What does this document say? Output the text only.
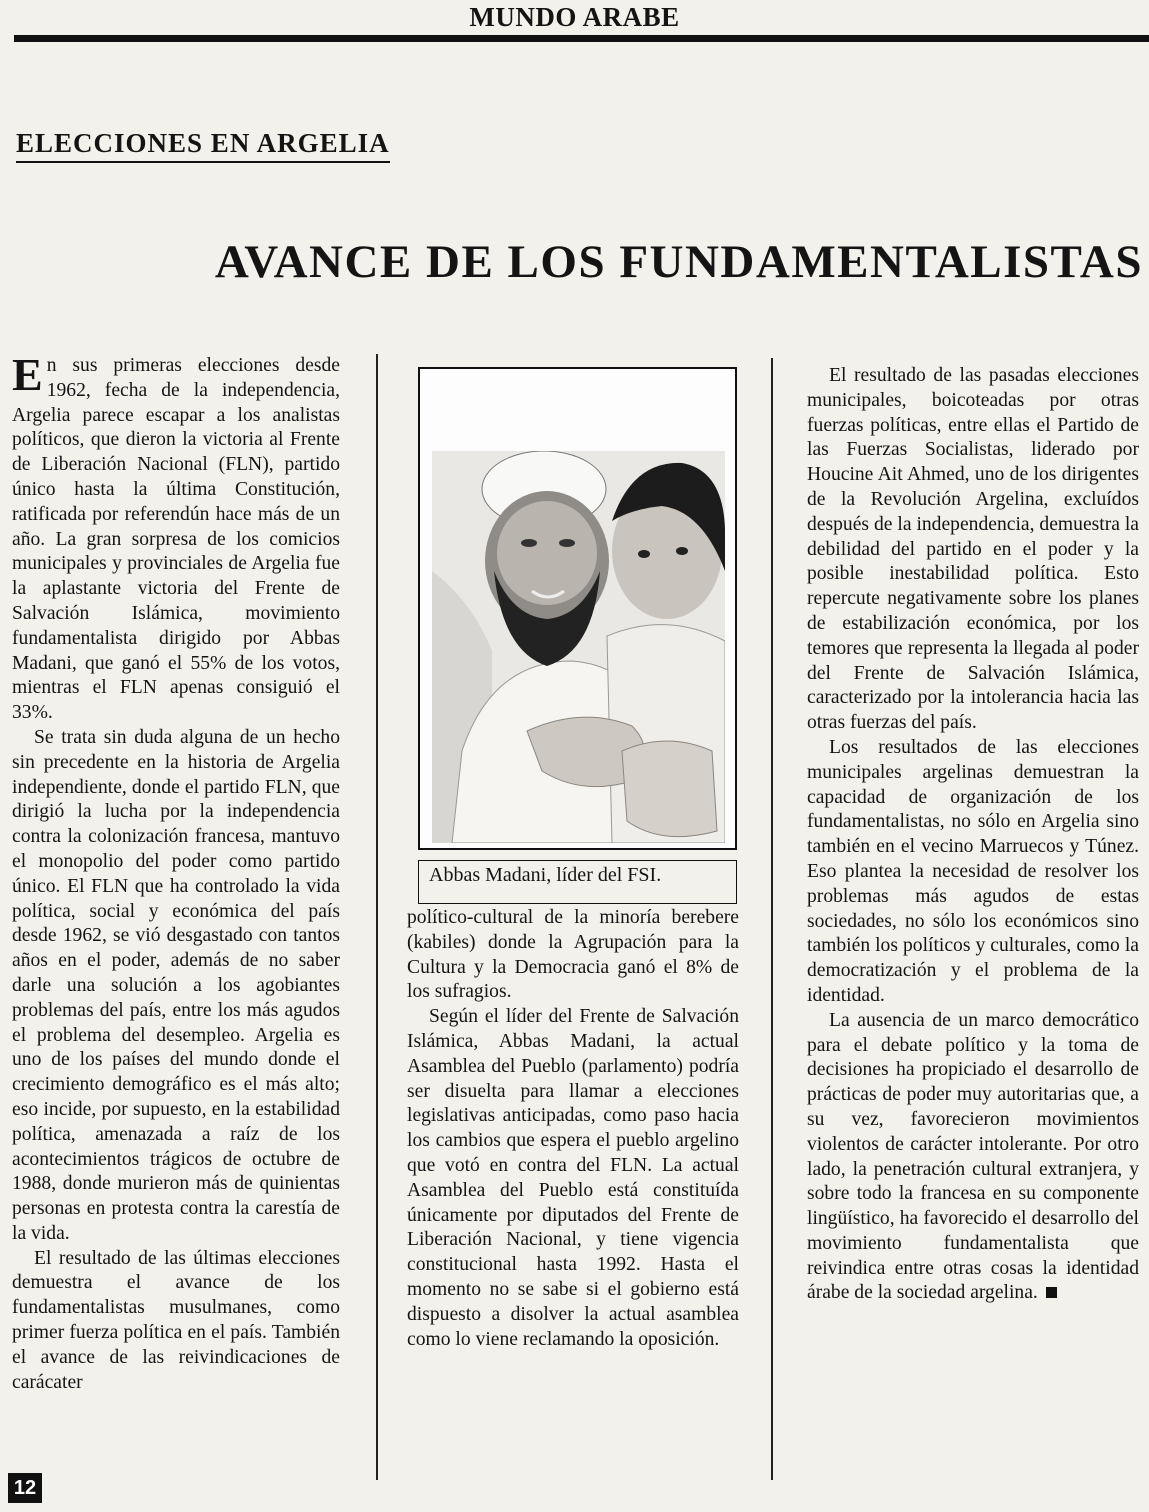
MUNDO ARABE
ELECCIONES EN ARGELIA
AVANCE DE LOS FUNDAMENTALISTAS

En sus primeras elecciones desde 1962, fecha de la independencia, Argelia parece escapar a los analistas políticos, que dieron la victoria al Frente de Liberación Nacional (FLN), partido único hasta la última Constitución, ratificada por referendún hace más de un año. La gran sorpresa de los comicios municipales y provinciales de Argelia fue la aplastante victoria del Frente de Salvación Islámica, movimiento fundamentalista dirigido por Abbas Madani, que ganó el 55% de los votos, mientras el FLN apenas consiguió el 33%.

Se trata sin duda alguna de un hecho sin precedente en la historia de Argelia independiente, donde el partido FLN, que dirigió la lucha por la independencia contra la colonización francesa, mantuvo el monopolio del poder como partido único. El FLN que ha controlado la vida política, social y económica del país desde 1962, se vió desgastado con tantos años en el poder, además de no saber darle una solución a los agobiantes problemas del país, entre los más agudos el problema del desempleo. Argelia es uno de los países del mundo donde el crecimiento demográfico es el más alto; eso incide, por supuesto, en la estabilidad política, amenazada a raíz de los acontecimientos trágicos de octubre de 1988, donde murieron más de quinientas personas en protesta contra la carestía de la vida.

El resultado de las últimas elecciones demuestra el avance de los fundamentalistas musulmanes, como primer fuerza política en el país. También el avance de las reivindicaciones de carácater

Abbas Madani, líder del FSI.

político-cultural de la minoría berebere (kabiles) donde la Agrupación para la Cultura y la Democracia ganó el 8% de los sufragios.

Según el líder del Frente de Salvación Islámica, Abbas Madani, la actual Asamblea del Pueblo (parlamento) podría ser disuelta para llamar a elecciones legislativas anticipadas, como paso hacia los cambios que espera el pueblo argelino que votó en contra del FLN. La actual Asamblea del Pueblo está constituída únicamente por diputados del Frente de Liberación Nacional, y tiene vigencia constitucional hasta 1992. Hasta el momento no se sabe si el gobierno está dispuesto a disolver la actual asamblea como lo viene reclamando la oposición.

El resultado de las pasadas elecciones municipales, boicoteadas por otras fuerzas políticas, entre ellas el Partido de las Fuerzas Socialistas, liderado por Houcine Ait Ahmed, uno de los dirigentes de la Revolución Argelina, excluídos después de la independencia, demuestra la debilidad del partido en el poder y la posible inestabilidad política. Esto repercute negativamente sobre los planes de estabilización económica, por los temores que representa la llegada al poder del Frente de Salvación Islámica, caracterizado por la intolerancia hacia las otras fuerzas del país.

Los resultados de las elecciones municipales argelinas demuestran la capacidad de organización de los fundamentalistas, no sólo en Argelia sino también en el vecino Marruecos y Túnez. Eso plantea la necesidad de resolver los problemas más agudos de estas sociedades, no sólo los económicos sino también los políticos y culturales, como la democratización y el problema de la identidad.

La ausencia de un marco democrático para el debate político y la toma de decisiones ha propiciado el desarrollo de prácticas de poder muy autoritarias que, a su vez, favorecieron movimientos violentos de carácter intolerante. Por otro lado, la penetración cultural extranjera, y sobre todo la francesa en su componente lingüístico, ha favorecido el desarrollo del movimiento fundamentalista que reivindica entre otras cosas la identidad árabe de la sociedad argelina.

12
